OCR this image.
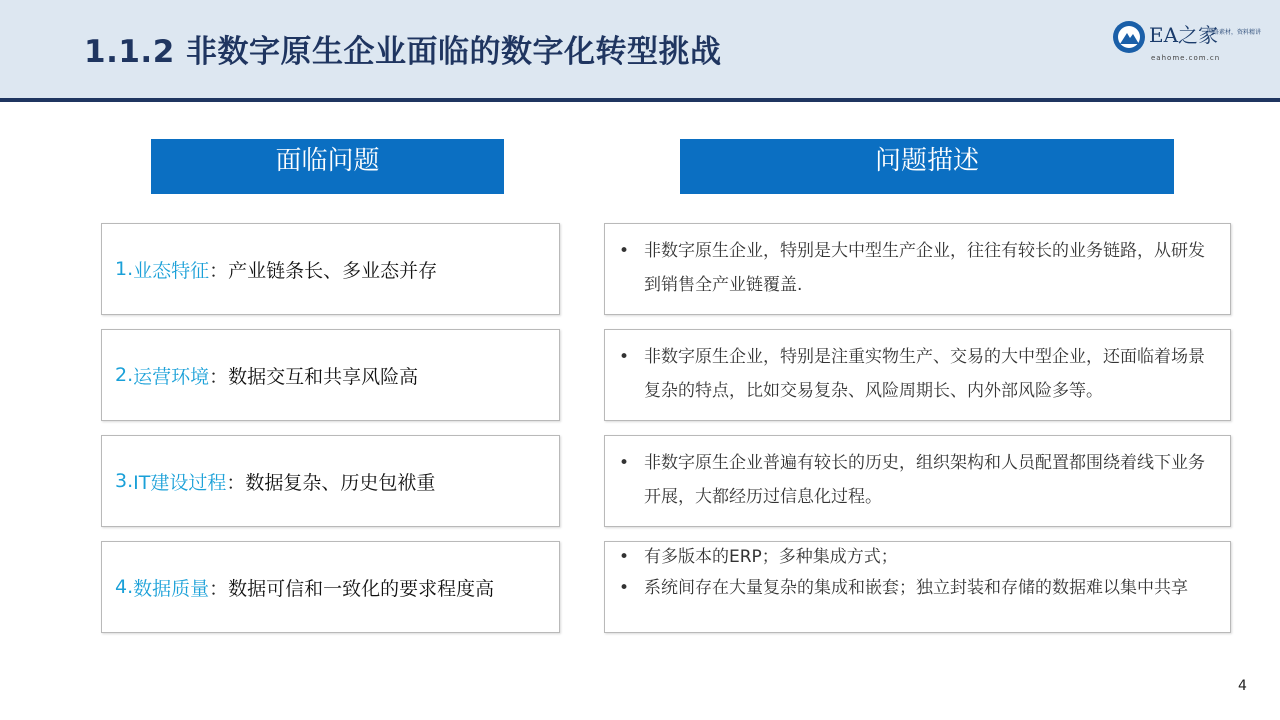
1.1.2 非数字原生企业面临的数字化转型挑战	EA之家
网络素材，资料精讲
eahome.com.cn
面临问题	问题描述
1. 业态特征 ： 产业链条长、多业态并存
• 非数字原生企业，特别是大中型生产企业，往往有较长的业务链路，从研发到销售全产业链覆盖.
2. 运营环境 ： 数据交互和共享风险高
• 非数字原生企业，特别是注重实物生产、交易的大中型企业，还面临着场景复杂的特点，比如交易复杂、风险周期长、内外部风险多等。
3. IT建设过程 ： 数据复杂、历史包袱重
• 非数字原生企业普遍有较长的历史，组织架构和人员配置都围绕着线下业务开展，大都经历过信息化过程。
4. 数据质量 ： 数据可信和一致化的要求程度高
• 有多版本的ERP；多种集成方式；
• 系统间存在大量复杂的集成和嵌套；独立封装和存储的数据难以集中共享
4
